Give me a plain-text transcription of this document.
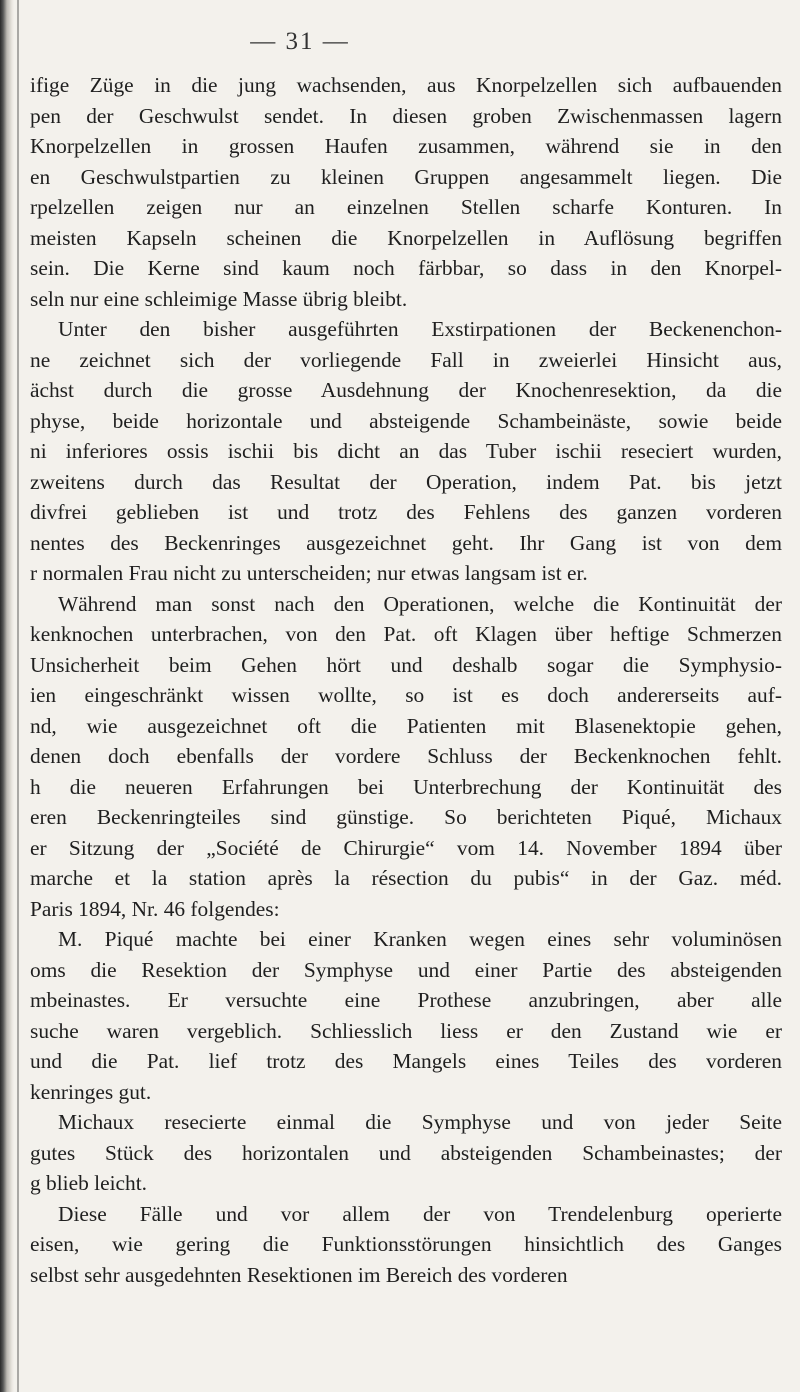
— 31 —
ifige Züge in die jung wachsenden, aus Knorpelzellen sich aufbauenden
pen der Geschwulst sendet. In diesen groben Zwischenmassen lagern
Knorpelzellen in grossen Haufen zusammen, während sie in den
en Geschwulstpartien zu kleinen Gruppen angesammelt liegen. Die
rpelzellen zeigen nur an einzelnen Stellen scharfe Konturen. In
meisten Kapseln scheinen die Knorpelzellen in Auflösung begriffen
sein. Die Kerne sind kaum noch färbbar, so dass in den Knorpel-
seln nur eine schleimige Masse übrig bleibt.
Unter den bisher ausgeführten Exstirpationen der Beckenenchon-
ne zeichnet sich der vorliegende Fall in zweierlei Hinsicht aus,
ächst durch die grosse Ausdehnung der Knochenresektion, da die
physe, beide horizontale und absteigende Schambeinäste, sowie beide
ni inferiores ossis ischii bis dicht an das Tuber ischii reseciert wurden,
zweitens durch das Resultat der Operation, indem Pat. bis jetzt
divfrei geblieben ist und trotz des Fehlens des ganzen vorderen
nentes des Beckenringes ausgezeichnet geht. Ihr Gang ist von dem
r normalen Frau nicht zu unterscheiden; nur etwas langsam ist er.
Während man sonst nach den Operationen, welche die Kontinuität der
kenknochen unterbrachen, von den Pat. oft Klagen über heftige Schmerzen
Unsicherheit beim Gehen hört und deshalb sogar die Symphysio-
ien eingeschränkt wissen wollte, so ist es doch andererseits auf-
nd, wie ausgezeichnet oft die Patienten mit Blasenektopie gehen,
denen doch ebenfalls der vordere Schluss der Beckenknochen fehlt.
h die neueren Erfahrungen bei Unterbrechung der Kontinuität des
eren Beckenringteiles sind günstige. So berichteten Piqué, Michaux
er Sitzung der „Société de Chirurgie“ vom 14. November 1894 über
marche et la station après la résection du pubis“ in der Gaz. méd.
Paris 1894, Nr. 46 folgendes:
M. Piqué machte bei einer Kranken wegen eines sehr voluminösen
oms die Resektion der Symphyse und einer Partie des absteigenden
mbeinastes. Er versuchte eine Prothese anzubringen, aber alle
suche waren vergeblich. Schliesslich liess er den Zustand wie er
und die Pat. lief trotz des Mangels eines Teiles des vorderen
kenringes gut.
Michaux resecierte einmal die Symphyse und von jeder Seite
gutes Stück des horizontalen und absteigenden Schambeinastes; der
g blieb leicht.
Diese Fälle und vor allem der von Trendelenburg operierte
eisen, wie gering die Funktionsstörungen hinsichtlich des Ganges
selbst sehr ausgedehnten Resektionen im Bereich des vorderen
